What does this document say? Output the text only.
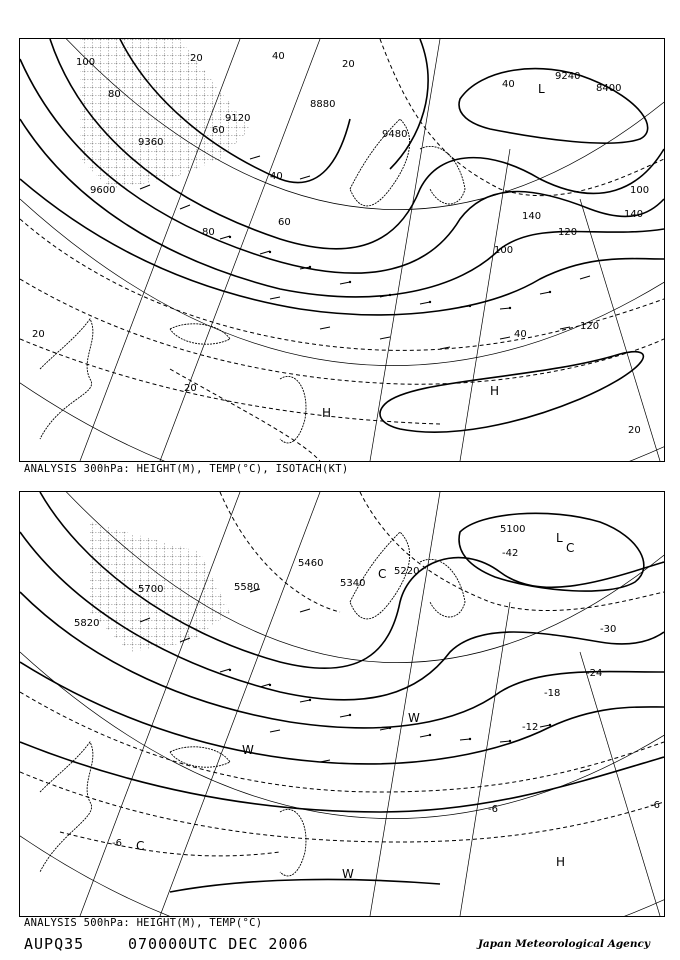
9480
8880
9120
9360
9600
9240
8400
100
80
60
40
20
20
40
60
80
100
120
140
20	40
20
140
100
120
40
20
L
H
H
ANALYSIS 300hPa: HEIGHT(M), TEMP(°C), ISOTACH(KT)
5700
5820
5580
5460
5340
5220
5100
-42
-30
-24
-18
-12
-6
-6
-6
L
C
C
C
W
W
H
W
ANALYSIS 500hPa: HEIGHT(M), TEMP(°C)
AUPQ35	070000UTC DEC 2006	Japan Meteorological Agency
